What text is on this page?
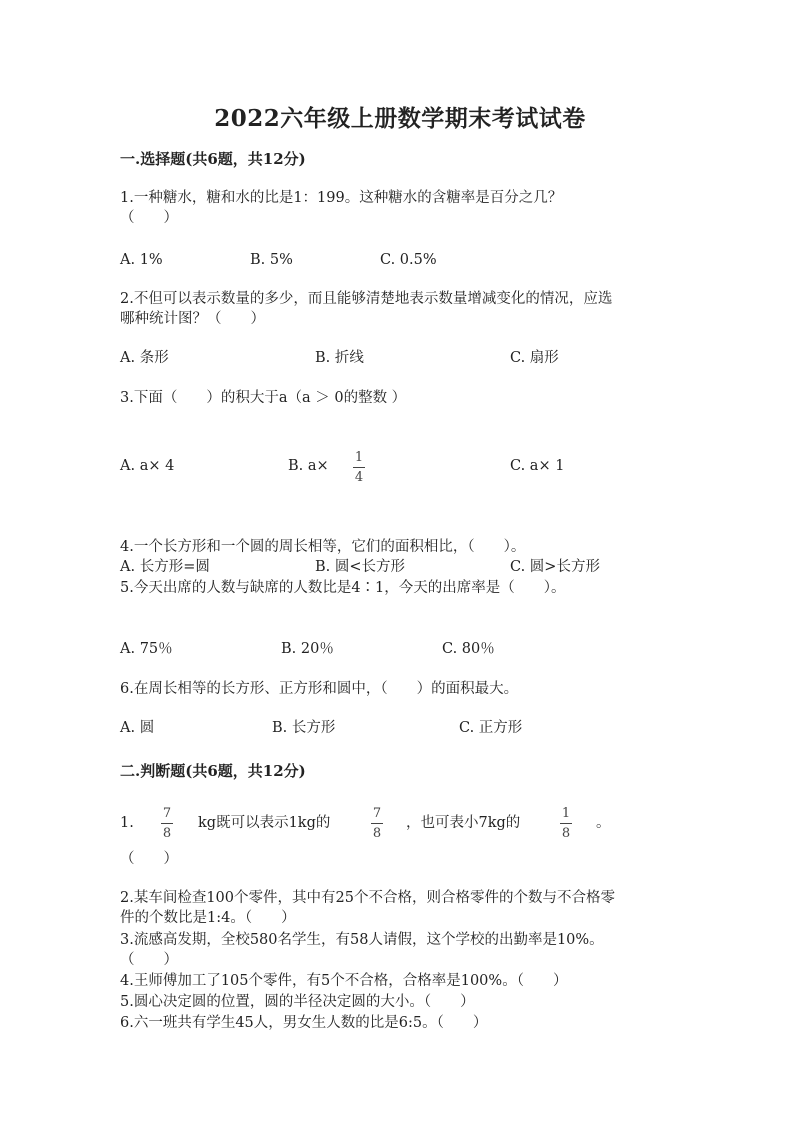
2022六年级上册数学期末考试试卷
一.选择题(共6题，共12分)
1.一种糖水，糖和水的比是1：199。这种糖水的含糖率是百分之几？
（　　）
A. 1%	B. 5%	C. 0.5%
2.不但可以表示数量的多少，而且能够清楚地表示数量增减变化的情况，应选
哪种统计图？（　　）
A. 条形	B. 折线	C. 扇形
3.下面（　　）的积大于a（a ＞ 0的整数 ）
A. a× 4	B. a×
1
4
C. a× 1
4.一个长方形和一个圆的周长相等，它们的面积相比，（　　）。
A. 长方形=圆	B. 圆<长方形	C. 圆>长方形
5.今天出席的人数与缺席的人数比是4∶1，今天的出席率是（　　）。
A. 75％	B. 20％	C. 80％
6.在周长相等的长方形、正方形和圆中，（　　）的面积最大。
A. 圆	B. 长方形	C. 正方形
二.判断题(共6题，共12分)
1.
7
8
kg既可以表示1kg的
7
8
，也可表小7kg的
1
8
。
（　　）
2.某车间检查100个零件，其中有25个不合格，则合格零件的个数与不合格零
件的个数比是1:4。（　　）
3.流感高发期，全校580名学生，有58人请假，这个学校的出勤率是10%。
（　　）
4.王师傅加工了105个零件，有5个不合格，合格率是100%。（　　）
5.圆心决定圆的位置，圆的半径决定圆的大小。（　　）
6.六一班共有学生45人，男女生人数的比是6:5。（　　）
